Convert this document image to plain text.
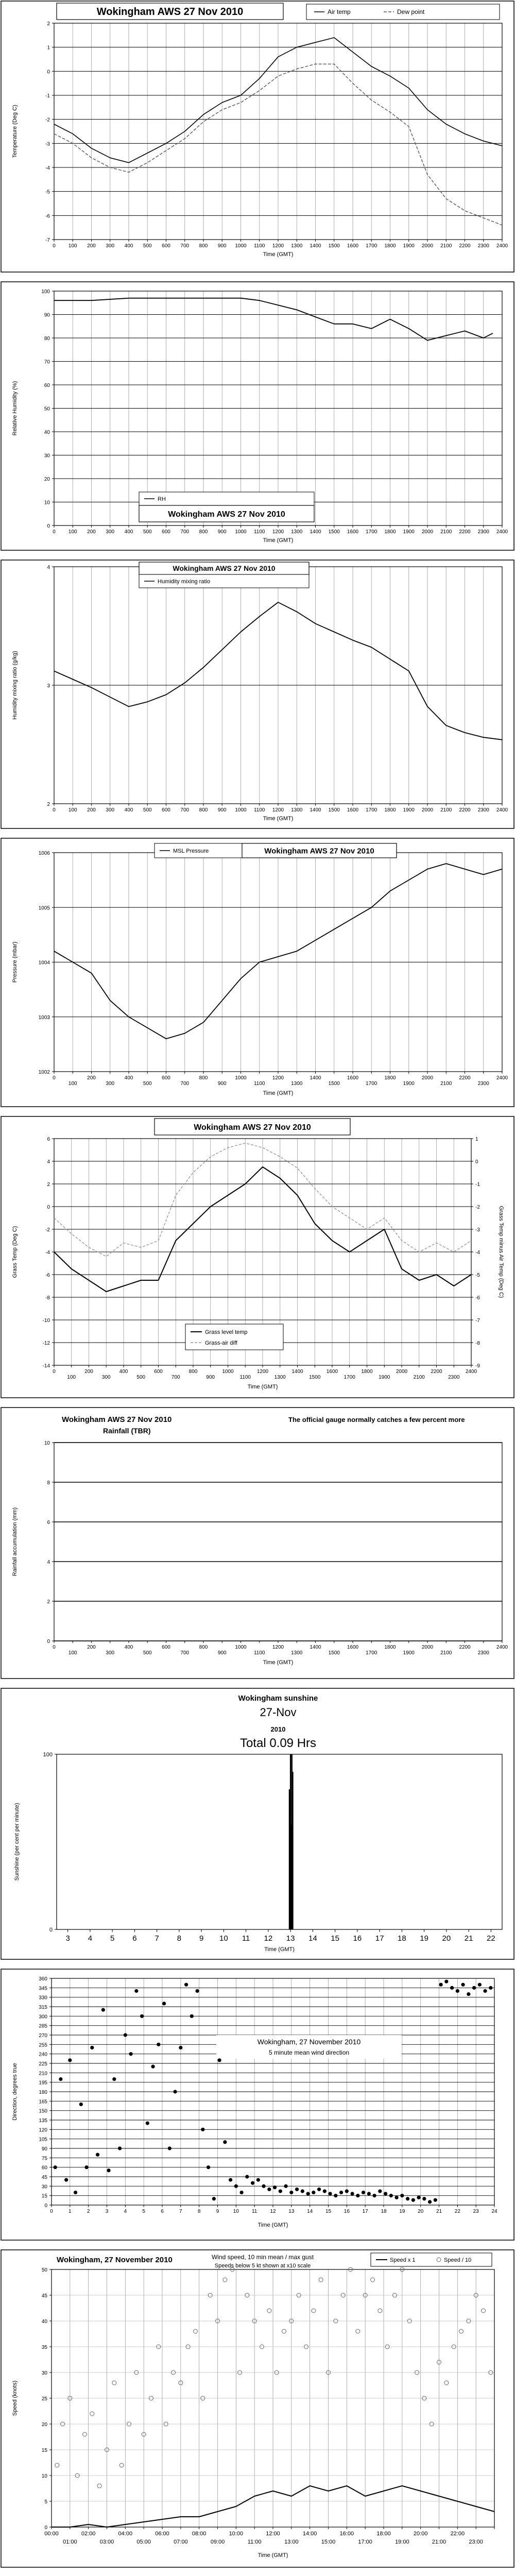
0	100 200 300 400 500 600 700 800 900 1000 1100 1200 1300 1400 1500 1600 1700 1800 1900 2000 2100 2200 2300 2400
-7
-6
-5
-4
-3
-2
-1
0
1
2
Wokingham AWS 27 Nov 2010	Air temp	Dew point
Time (GMT)
Temperature (Deg C)
0	100 200 300 400 500 600 700 800 900 1000 1100 1200 1300 1400 1500 1600 1700 1800 1900 2000 2100 2200 2300 2400
0
10
20
30
40
50
60
70
80
90
100
RH
Wokingham AWS 27 Nov 2010
Time (GMT)
Relative Humidity (%)
0	100 200 300 400 500 600 700 800 900 1000 1100 1200 1300 1400 1500 1600 1700 1800 1900 2000 2100 2200 2300 2400
2
3
4	Wokingham AWS 27 Nov 2010
Humidity mixing ratio
Time (GMT)
Humidity mixing ratio (g/kg)
0
100
200
300
400
500
600
700
800
900
1000
1100
1200
1300
1400
1500
1600
1700
1800
1900
2000
2100
2200
2300
2400
1002
1003
1004
1005
1006	MSL Pressure	Wokingham AWS 27 Nov 2010
Time (GMT)
Pressure (mbar)
0
100
200
300
400
500
600
700
800
900
1000
1100
1200
1300
1400
1500
1600
1700
1800
1900
2000
2100
2200
2300
2400
-14
-12
-10
-8
-6
-4
-2
0
2
4
6
-9
-8
-7
-6
-5
-4
-3
-2
-1
0
1
Wokingham AWS 27 Nov 2010
Grass level temp
Grass-air diff
Time (GMT)
Grass Temp (Deg C)	Grass Temp minus Air Temp (Deg C)
0
100
200
300
400
500
600
700
800
900
1000
1100
1200
1300
1400
1500
1600
1700
1800
1900
2000
2100
2200
2300
2400
0
2
4
6
8
10
Wokingham AWS 27 Nov 2010
Rainfall (TBR)
The official gauge normally catches a few percent more
Time (GMT)
Rainfall accumulation (mm)
3 4 5 6 7 8 9 10 11 12 13 14 15 16 17 18 19 20 21 22
0
100
Wokingham sunshine
27-Nov
2010
Total 0.09 Hrs
Time (GMT)
Sunshine (per cent per minute)
0	1	2	3	4	5	6	7	8	9	10	11	12 13 14 15 16 17 18 19 20 21 22 23 24
0
15
30
45
60
75
90
105
120
135
150
165
180
195
210
225
240
255
270
285
300
315
330
345
360
Wokingham, 27 November 2010
5 minute mean wind direction
Time (GMT)
Direction, degrees true
0
5
10
15
20
25
30
35
40
45
50
00:00	02:00	04:00	06:00	08:00	10:00	12:00	14:00	16:00	18:00	20:00	22:00
01:00	03:00	05:00	07:00	09:00	11:00	13:00	15:00	17:00	19:00	21:00	23:00
Wokingham, 27 November 2010	Wind speed, 10 min mean / max gust
Speeds below 5 kt shown at x10 scale
Speed x 1	Speed / 10
Time (GMT)
Speed (knots)
